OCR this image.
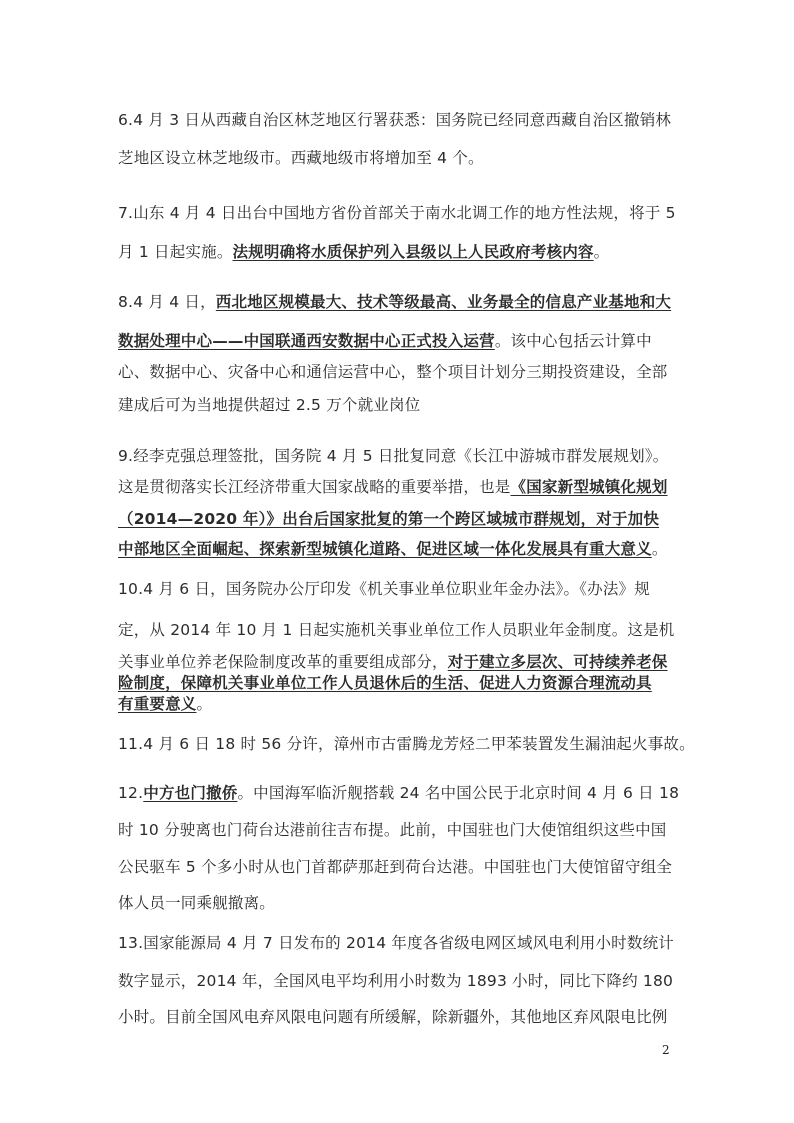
6.4 月 3 日从西藏自治区林芝地区行署获悉：国务院已经同意西藏自治区撤销林
芝地区设立林芝地级市。西藏地级市将增加至 4 个。
7.山东 4 月 4 日出台中国地方省份首部关于南水北调工作的地方性法规，将于 5
月 1 日起实施。法规明确将水质保护列入县级以上人民政府考核内容。
8.4 月 4 日，西北地区规模最大、技术等级最高、业务最全的信息产业基地和大
数据处理中心——中国联通西安数据中心正式投入运营。该中心包括云计算中
心、数据中心、灾备中心和通信运营中心，整个项目计划分三期投资建设，全部
建成后可为当地提供超过 2.5 万个就业岗位
9.经李克强总理签批，国务院 4 月 5 日批复同意《长江中游城市群发展规划》。
这是贯彻落实长江经济带重大国家战略的重要举措，也是《国家新型城镇化规划
（2014—2020 年）》出台后国家批复的第一个跨区域城市群规划，对于加快
中部地区全面崛起、探索新型城镇化道路、促进区域一体化发展具有重大意义。
10.4 月 6 日，国务院办公厅印发《机关事业单位职业年金办法》。《办法》规
定，从 2014 年 10 月 1 日起实施机关事业单位工作人员职业年金制度。这是机
关事业单位养老保险制度改革的重要组成部分，对于建立多层次、可持续养老保
险制度，保障机关事业单位工作人员退休后的生活、促进人力资源合理流动具
有重要意义。
11.4 月 6 日 18 时 56 分许，漳州市古雷腾龙芳烃二甲苯装置发生漏油起火事故。
12.中方也门撤侨。中国海军临沂舰搭载 24 名中国公民于北京时间 4 月 6 日 18
时 10 分驶离也门荷台达港前往吉布提。此前，中国驻也门大使馆组织这些中国
公民驱车 5 个多小时从也门首都萨那赶到荷台达港。中国驻也门大使馆留守组全
体人员一同乘舰撤离。
13.国家能源局 4 月 7 日发布的 2014 年度各省级电网区域风电利用小时数统计
数字显示，2014 年，全国风电平均利用小时数为 1893 小时，同比下降约 180
小时。目前全国风电弃风限电问题有所缓解，除新疆外，其他地区弃风限电比例
2
